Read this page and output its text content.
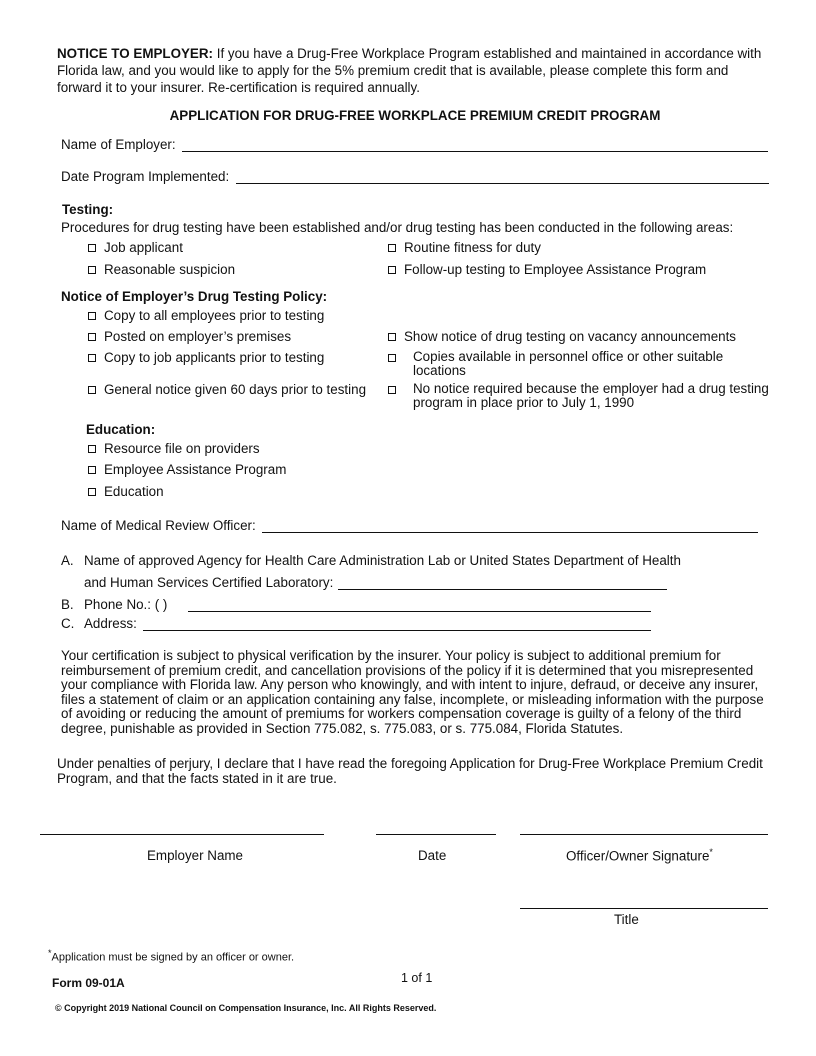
NOTICE TO EMPLOYER: If you have a Drug-Free Workplace Program established and maintained in accordance with Florida law, and you would like to apply for the 5% premium credit that is available, please complete this form and forward it to your insurer. Re-certification is required annually.
APPLICATION FOR DRUG-FREE WORKPLACE PREMIUM CREDIT PROGRAM
Name of Employer:
Date Program Implemented:
Testing:
Procedures for drug testing have been established and/or drug testing has been conducted in the following areas:
Job applicant	Routine fitness for duty
Reasonable suspicion	Follow-up testing to Employee Assistance Program
Notice of Employer’s Drug Testing Policy:
Copy to all employees prior to testing
Posted on employer’s premises	Show notice of drug testing on vacancy announcements
Copy to job applicants prior to testing	Copies available in personnel office or other suitable locations
General notice given 60 days prior to testing	No notice required because the employer had a drug testing program in place prior to July 1, 1990
Education:
Resource file on providers
Employee Assistance Program
Education
Name of Medical Review Officer:
A. Name of approved Agency for Health Care Administration Lab or United States Department of Health
and Human Services Certified Laboratory:
B. Phone No.: ( )
C. Address:
Your certification is subject to physical verification by the insurer. Your policy is subject to additional premium for reimbursement of premium credit, and cancellation provisions of the policy if it is determined that you misrepresented your compliance with Florida law. Any person who knowingly, and with intent to injure, defraud, or deceive any insurer, files a statement of claim or an application containing any false, incomplete, or misleading information with the purpose of avoiding or reducing the amount of premiums for workers compensation coverage is guilty of a felony of the third degree, punishable as provided in Section 775.082, s. 775.083, or s. 775.084, Florida Statutes.
Under penalties of perjury, I declare that I have read the foregoing Application for Drug-Free Workplace Premium Credit Program, and that the facts stated in it are true.
Employer Name	Date	Officer/Owner Signature*
Title
*Application must be signed by an officer or owner.
Form 09-01A	1 of 1
© Copyright 2019 National Council on Compensation Insurance, Inc. All Rights Reserved.
